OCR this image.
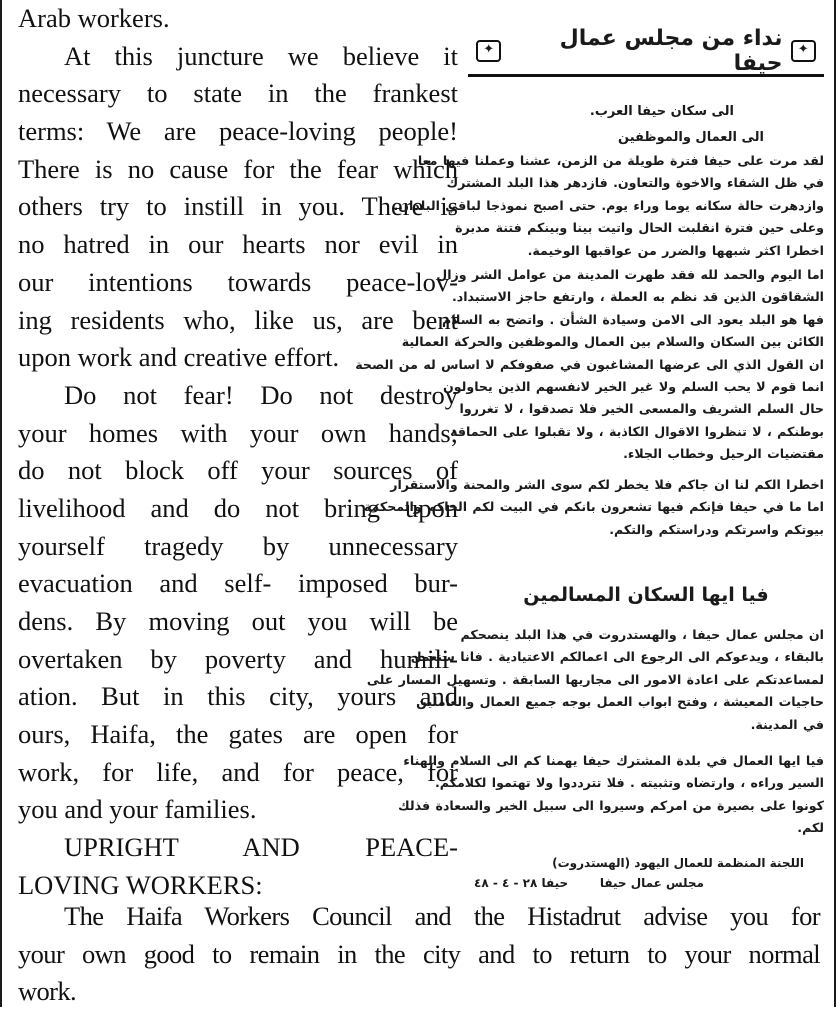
Arab workers.
At this juncture we believe it
necessary to state in the frankest
terms: We are peace-loving people!
There is no cause for the fear which
others try to instill in you. There is
no hatred in our hearts nor evil in
our intentions towards peace-lov-
ing residents who, like us, are bent
upon work and creative effort.
Do not fear! Do not destroy
your homes with your own hands;
do not block off your sources of
livelihood and do not bring upon
yourself tragedy by unnecessary
evacuation and self- imposed bur-
dens. By moving out you will be
overtaken by poverty and humili-
ation. But in this city, yours and
ours, Haifa, the gates are open for
work, for life, and for peace, for
you and your families.
UPRIGHT AND PEACE-
LOVING WORKERS:
✦
نداء من مجلس عمال حيفا
✦
الى سكان حيفا العرب.
الى العمال والموظفين
لقد مرت على حيفا فترة طويلة من الزمن، عشنا وعملنا فيها معا
في ظل الشقاء والاخوة والتعاون. فازدهر هذا البلد المشترك
وازدهرت حالة سكانه يوما وراء يوم. حتى اصبح نموذجا لباقي البلدان.
وعلى حين فترة انقلبت الحال واتيت بينا وبينكم فتنة مدبرة
اخطرا اكثر شبهها والضرر من عواقبها الوخيمة.
اما اليوم والحمد لله فقد طهرت المدينة من عوامل الشر وزال
الشقاقون الذين قد نظم به العملة ، وارتفع حاجز الاستبداد.
فها هو البلد يعود الى الامن وسيادة الشأن . واتضح به السلام
الكائن بين السكان والسلام بين العمال والموظفين والحركة العمالية
ان القول الذي الى عرضها المشاغبون في صفوفكم لا اساس له من الصحة
انما قوم لا يحب السلم ولا غير الخير لانفسهم الذين يحاولون
حال السلم الشريف والمسعى الخير فلا تصدقوا ، لا تغرروا
بوطنكم ، لا تنظروا الاقوال الكاذبة ، ولا تقبلوا على الحماقة
مقتضيات الرحيل وخطاب الجلاء.
اخطرا الكم لنا ان جاكم فلا يخطر لكم سوى الشر والمحنة والاستقرار
اما ما في حيفا فإنكم فيها تشعرون بانكم في البيت لكم الحاكم والمحكمة
بيوتكم واسرتكم ودراستكم والتكم.
فيا ايها السكان المسالمين
ان مجلس عمال حيفا ، والهستدروت في هذا البلد ينصحكم
بالبقاء ، ويدعوكم الى الرجوع الى اعمالكم الاعتيادية . فانا سنعمل
لمساعدتكم على اعادة الامور الى مجاريها السابقة . وتسهيل المسار على
حاجيات المعيشة ، وفتح ابواب العمل بوجه جميع العمال والعاملين
في المدينة.
فيا ايها العمال في بلدة المشترك حيفا يهمنا كم الى السلام والهناء
السير وراءه ، وارتضاه وتثبيته . فلا تترددوا ولا تهتموا لكلامكم.
كونوا على بصيرة من امركم وسيروا الى سبيل الخير والسعادة فذلك
لكم.
اللجنة المنظمة للعمال اليهود (الهستدروت)
مجلس عمال حيفا
حيفا ٢٨ - ٤ - ٤٨
The Haifa Workers Council and the Histadrut advise you for
your own good to remain in the city and to return to your normal
work.
